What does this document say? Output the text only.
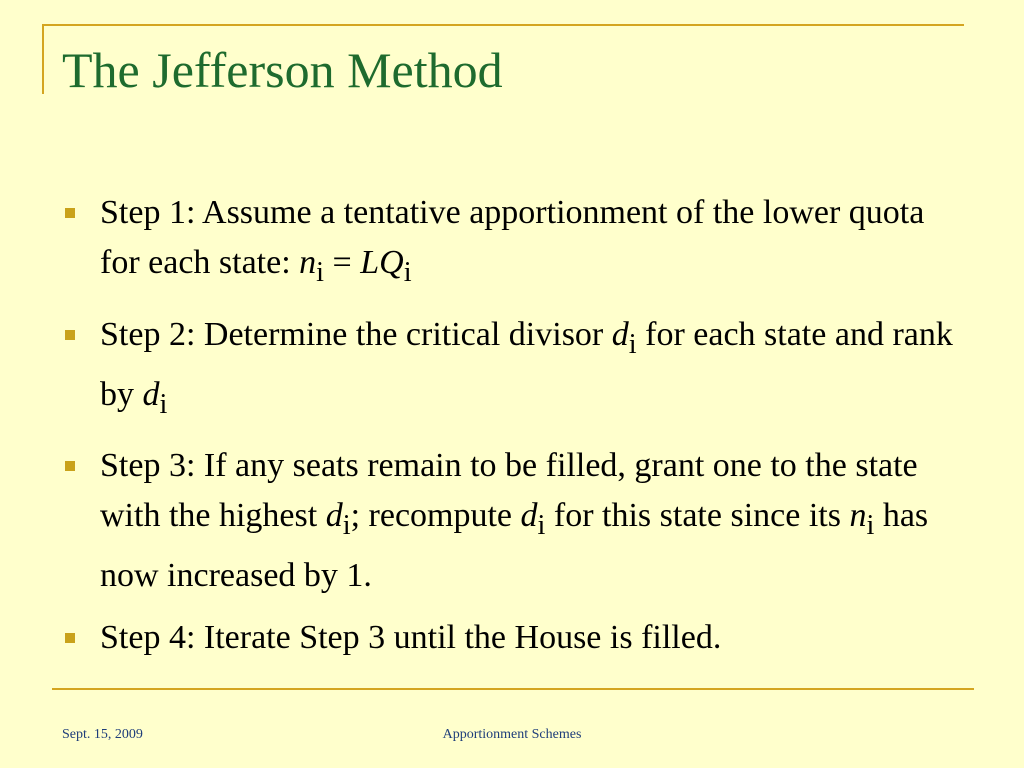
The Jefferson Method
Step 1: Assume a tentative apportionment of the lower quota for each state: $n_i = LQ_i$
Step 2: Determine the critical divisor $d_i$ for each state and rank by $d_i$
Step 3: If any seats remain to be filled, grant one to the state with the highest $d_i$; recompute $d_i$ for this state since its $n_i$ has now increased by 1.
Step 4: Iterate Step 3 until the House is filled.
Sept. 15, 2009	Apportionment Schemes
